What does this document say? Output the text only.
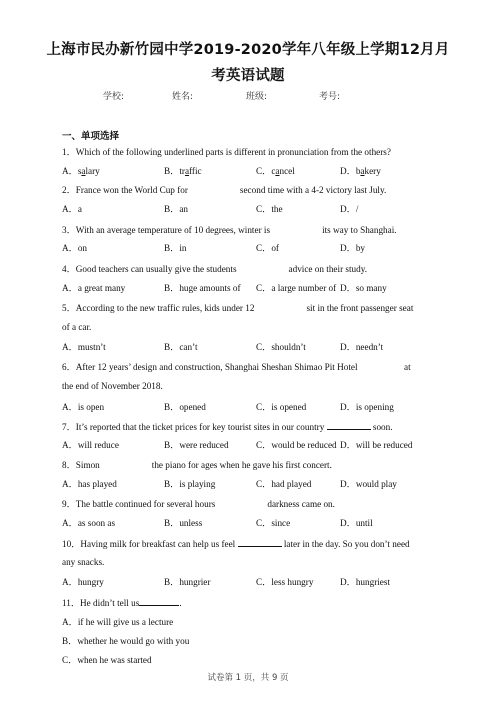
上海市民办新竹园中学2019-2020学年八年级上学期12月月
考英语试题
学校:	姓名:	班级:	考号:
一、单项选择
1．Which of the following underlined parts is different in pronunciation from the others?
A．salary	B．traffic	C．cancel	D．bakery
2．France won the World Cup for	second time with a 4-2 victory last July.
A．a	B．an	C．the	D．/
3．With an average temperature of 10 degrees, winter is	its way to Shanghai.
A．on	B．in	C．of	D．by
4．Good teachers can usually give the students	advice on their study.
A．a great many	B．huge amounts of C．a large number of D．so many
5．According to the new traffic rules, kids under 12	sit in the front passenger seat
of a car.
A．mustn’t	B．can’t	C．shouldn’t	D．needn’t
6．After 12 years’ design and construction, Shanghai Sheshan Shimao Pit Hotel	at
the end of November 2018.
A．is open	B．opened	C．is opened	D．is opening
7．It’s reported that the ticket prices for key tourist sites in our country	soon.
A．will reduce	B．were reduced	C．would be reduced D．will be reduced
8．Simon	the piano for ages when he gave his first concert.
A．has played	B．is playing	C．had played	D．would play
9．The battle continued for several hours	darkness came on.
A．as soon as	B．unless	C．since	D．until
10．Having milk for breakfast can help us feel	later in the day. So you don’t need
any snacks.
A．hungry	B．hungrier	C．less hungry	D．hungriest
11．He didn’t tell us	.
A．if he will give us a lecture
B．whether he would go with you
C．when he was started
试卷第 1 页，共 9 页
